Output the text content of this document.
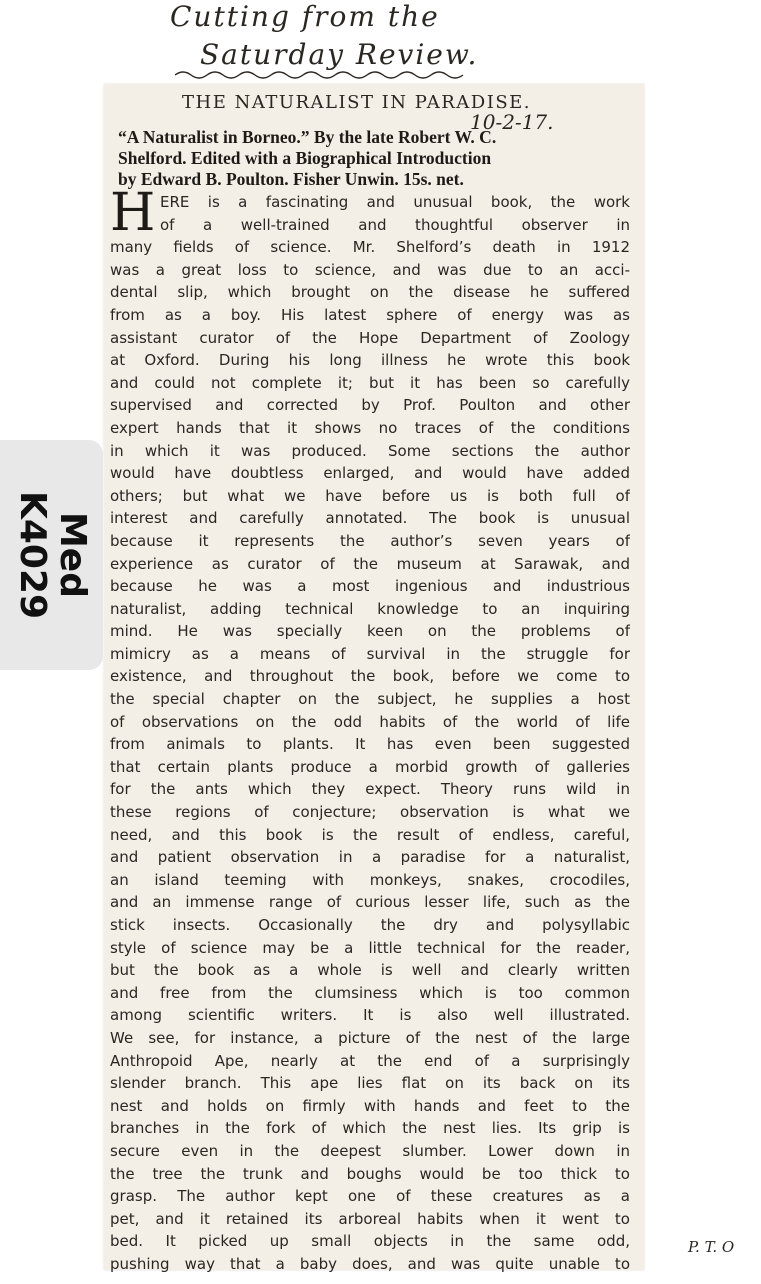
Cutting from the
Saturday Review.
THE NATURALIST IN PARADISE.
10-2-17.
“A Naturalist in Borneo.” By the late Robert W. C.
Shelford. Edited with a Biographical Introduction
by Edward B. Poulton. Fisher Unwin. 15s. net.
H ERE is a fascinating and unusual book, the work
of a well-trained and thoughtful observer in
many fields of science. Mr. Shelford’s death in 1912
was a great loss to science, and was due to an acci-
dental slip, which brought on the disease he suffered
from as a boy. His latest sphere of energy was as
assistant curator of the Hope Department of Zoology
at Oxford. During his long illness he wrote this book
and could not complete it; but it has been so carefully
supervised and corrected by Prof. Poulton and other
expert hands that it shows no traces of the conditions
in which it was produced. Some sections the author
would have doubtless enlarged, and would have added
others; but what we have before us is both full of
interest and carefully annotated. The book is unusual
because it represents the author’s seven years of
experience as curator of the museum at Sarawak, and
because he was a most ingenious and industrious
naturalist, adding technical knowledge to an inquiring
mind. He was specially keen on the problems of
mimicry as a means of survival in the struggle for
existence, and throughout the book, before we come to
the special chapter on the subject, he supplies a host
of observations on the odd habits of the world of life
from animals to plants. It has even been suggested
that certain plants produce a morbid growth of galleries
for the ants which they expect. Theory runs wild in
these regions of conjecture; observation is what we
need, and this book is the result of endless, careful,
and patient observation in a paradise for a naturalist,
an island teeming with monkeys, snakes, crocodiles,
and an immense range of curious lesser life, such as the
stick insects. Occasionally the dry and polysyllabic
style of science may be a little technical for the reader,
but the book as a whole is well and clearly written
and free from the clumsiness which is too common
among scientific writers. It is also well illustrated.
We see, for instance, a picture of the nest of the large
Anthropoid Ape, nearly at the end of a surprisingly
slender branch. This ape lies flat on its back on its
nest and holds on firmly with hands and feet to the
branches in the fork of which the nest lies. Its grip is
secure even in the deepest slumber. Lower down in
the tree the trunk and boughs would be too thick to
grasp. The author kept one of these creatures as a
pet, and it retained its arboreal habits when it went to
bed. It picked up small objects in the same odd,
pushing way that a baby does, and was quite unable to
Med
K4029
P. T. O
